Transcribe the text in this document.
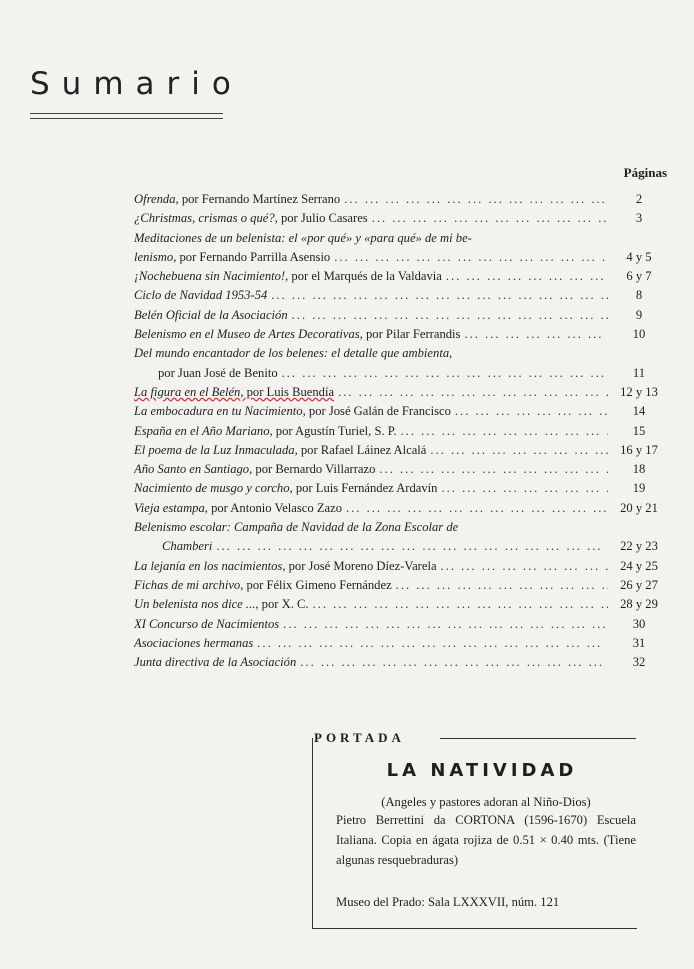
Sumario
Páginas
Ofrenda, por Fernando Martínez Serrano ... .	2
¿Christmas, crismas o qué?, por Julio Casares ... .	3
Meditaciones de un belenista: el «por qué» y «para qué» de mi be-
lenismo, por Fernando Parrilla Asensio ... .	4 y 5
¡Nochebuena sin Nacimiento!, por el Marqués de la Valdavia ... .	6 y 7
Ciclo de Navidad 1953-54 ... .	8
Belén Oficial de la Asociación ... .	9
Belenismo en el Museo de Artes Decorativas, por Pilar Ferrandis ... .	10
Del mundo encantador de los belenes: el detalle que ambienta,
por Juan José de Benito ... .	11
La figura en el Belén, por Luis Buendía ... .	12 y 13
La embocadura en tu Nacimiento, por José Galán de Francisco ... .	14
España en el Año Mariano, por Agustín Turiel, S. P. ... .	15
El poema de la Luz Inmaculada, por Rafael Láinez Alcalá ... .	16 y 17
Año Santo en Santiago, por Bernardo Villarrazo ... .	18
Nacimiento de musgo y corcho, por Luis Fernández Ardavín ... .	19
Vieja estampa, por Antonio Velasco Zazo ... .	20 y 21
Belenismo escolar: Campaña de Navidad de la Zona Escolar de
Chamberí ... .	22 y 23
La lejanía en los nacimientos, por José Moreno Díez-Varela ... .	24 y 25
Fichas de mi archivo, por Félix Gimeno Fernández ... .	26 y 27
Un belenista nos dice ..., por X. C. ... .	28 y 29
XI Concurso de Nacimientos ... .	30
Asociaciones hermanas ... .	31
Junta directiva de la Asociación ... .	32
PORTADA
LA NATIVIDAD
(Angeles y pastores adoran al Niño-Dios)
Pietro Berrettini da CORTONA (1596-1670) Escuela Italiana. Copia en ágata rojiza de 0.51 × 0.40 mts. (Tiene algunas resquebraduras)
Museo del Prado: Sala LXXXVII, núm. 121
